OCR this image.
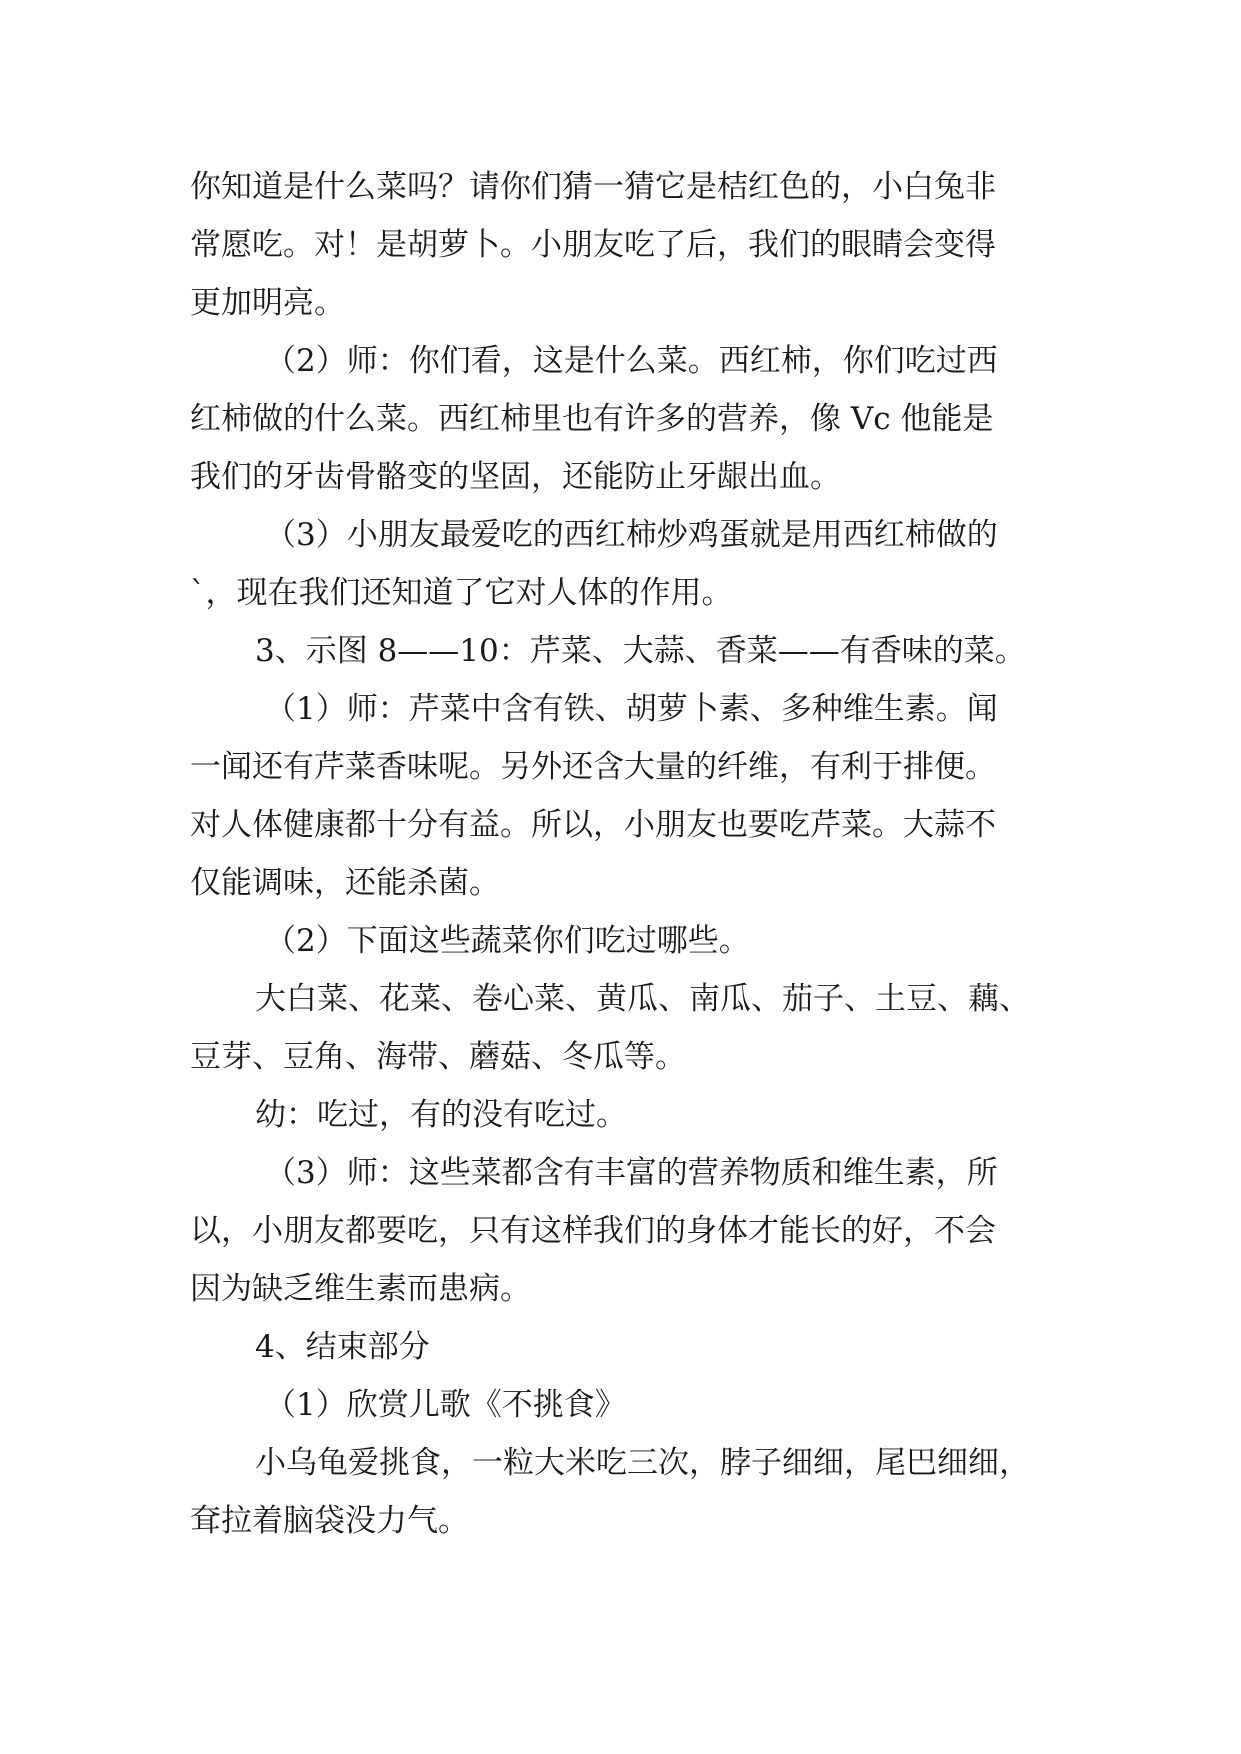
你知道是什么菜吗？请你们猜一猜它是桔红色的，小白兔非
常愿吃。对！是胡萝卜。小朋友吃了后，我们的眼睛会变得
更加明亮。
（2）师：你们看，这是什么菜。西红柿，你们吃过西
红柿做的什么菜。西红柿里也有许多的营养，像 Vc 他能是
我们的牙齿骨骼变的坚固，还能防止牙龈出血。
（3）小朋友最爱吃的西红柿炒鸡蛋就是用西红柿做的
`，现在我们还知道了它对人体的作用。
3、示图 8——10：芹菜、大蒜、香菜——有香味的菜。
（1）师：芹菜中含有铁、胡萝卜素、多种维生素。闻
一闻还有芹菜香味呢。另外还含大量的纤维，有利于排便。
对人体健康都十分有益。所以，小朋友也要吃芹菜。大蒜不
仅能调味，还能杀菌。
（2）下面这些蔬菜你们吃过哪些。
大白菜、花菜、卷心菜、黄瓜、南瓜、茄子、土豆、藕、
豆芽、豆角、海带、蘑菇、冬瓜等。
幼：吃过，有的没有吃过。
（3）师：这些菜都含有丰富的营养物质和维生素，所
以，小朋友都要吃，只有这样我们的身体才能长的好，不会
因为缺乏维生素而患病。
4、结束部分
（1）欣赏儿歌《不挑食》
小乌龟爱挑食，一粒大米吃三次，脖子细细，尾巴细细，
耷拉着脑袋没力气。
